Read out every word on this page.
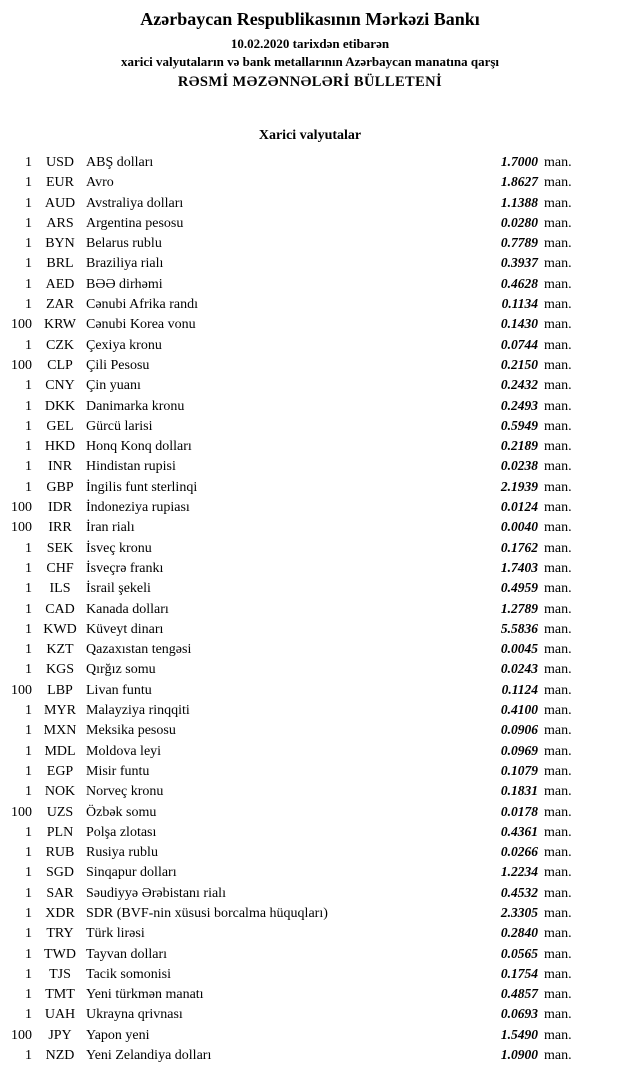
Azərbaycan Respublikasının Mərkəzi Bankı
10.02.2020 tarixdən etibarən
xarici valyutaların və bank metallarının Azərbaycan manatına qarşı
RƏSMİ MƏZƏNNƏLƏRİ BÜLLETENİ
Xarici valyutalar
1 USD ABŞ dolları	1.7000 man.
1	EUR Avro	1.8627 man.
1 AUD Avstraliya dolları	1.1388 man.
1	ARS Argentina pesosu	0.0280 man.
1 BYN Belarus rublu	0.7789 man.
1	BRL Braziliya rialı	0.3937 man.
1 AED BƏƏ dirhəmi	0.4628 man.
1	ZAR Cənubi Afrika randı	0.1134 man.
100 KRW Cənubi Korea vonu	0.1430 man.
1	CZK Çexiya kronu	0.0744 man.
100	CLP Çili Pesosu	0.2150 man.
1 CNY Çin yuanı	0.2432 man.
1 DKK Danimarka kronu	0.2493 man.
1	GEL Gürcü larisi	0.5949 man.
1 HKD Honq Konq dolları	0.2189 man.
1	INR Hindistan rupisi	0.0238 man.
1	GBP İngilis funt sterlinqi	2.1939 man.
100	IDR İndoneziya rupiası	0.0124 man.
100	IRR	İran rialı	0.0040 man.
1	SEK İsveç kronu	0.1762 man.
1	CHF İsveçrə frankı	1.7403 man.
1	ILS	İsrail şekeli	0.4959 man.
1 CAD Kanada dolları	1.2789 man.
1 KWD Küveyt dinarı	5.5836 man.
1	KZT Qazaxıstan tengəsi	0.0045 man.
1 KGS Qırğız somu	0.0243 man.
100	LBP Livan funtu	0.1124 man.
1 MYR Malayziya rinqqiti	0.4100 man.
1 MXN Meksika pesosu	0.0906 man.
1 MDL Moldova leyi	0.0969 man.
1	EGP Misir funtu	0.1079 man.
1 NOK Norveç kronu	0.1831 man.
100	UZS Özbək somu	0.0178 man.
1	PLN Polşa zlotası	0.4361 man.
1 RUB Rusiya rublu	0.0266 man.
1 SGD Sinqapur dolları	1.2234 man.
1	SAR Səudiyyə Ərəbistanı rialı	0.4532 man.
1 XDR SDR (BVF-nin xüsusi borcalma hüquqları)	2.3305 man.
1	TRY Türk lirəsi	0.2840 man.
1 TWD Tayvan dolları	0.0565 man.
1	TJS	Tacik somonisi	0.1754 man.
1 TMT Yeni türkmən manatı	0.4857 man.
1 UAH Ukrayna qrivnası	0.0693 man.
100	JPY	Yapon yeni	1.5490 man.
1 NZD Yeni Zelandiya dolları	1.0900 man.
